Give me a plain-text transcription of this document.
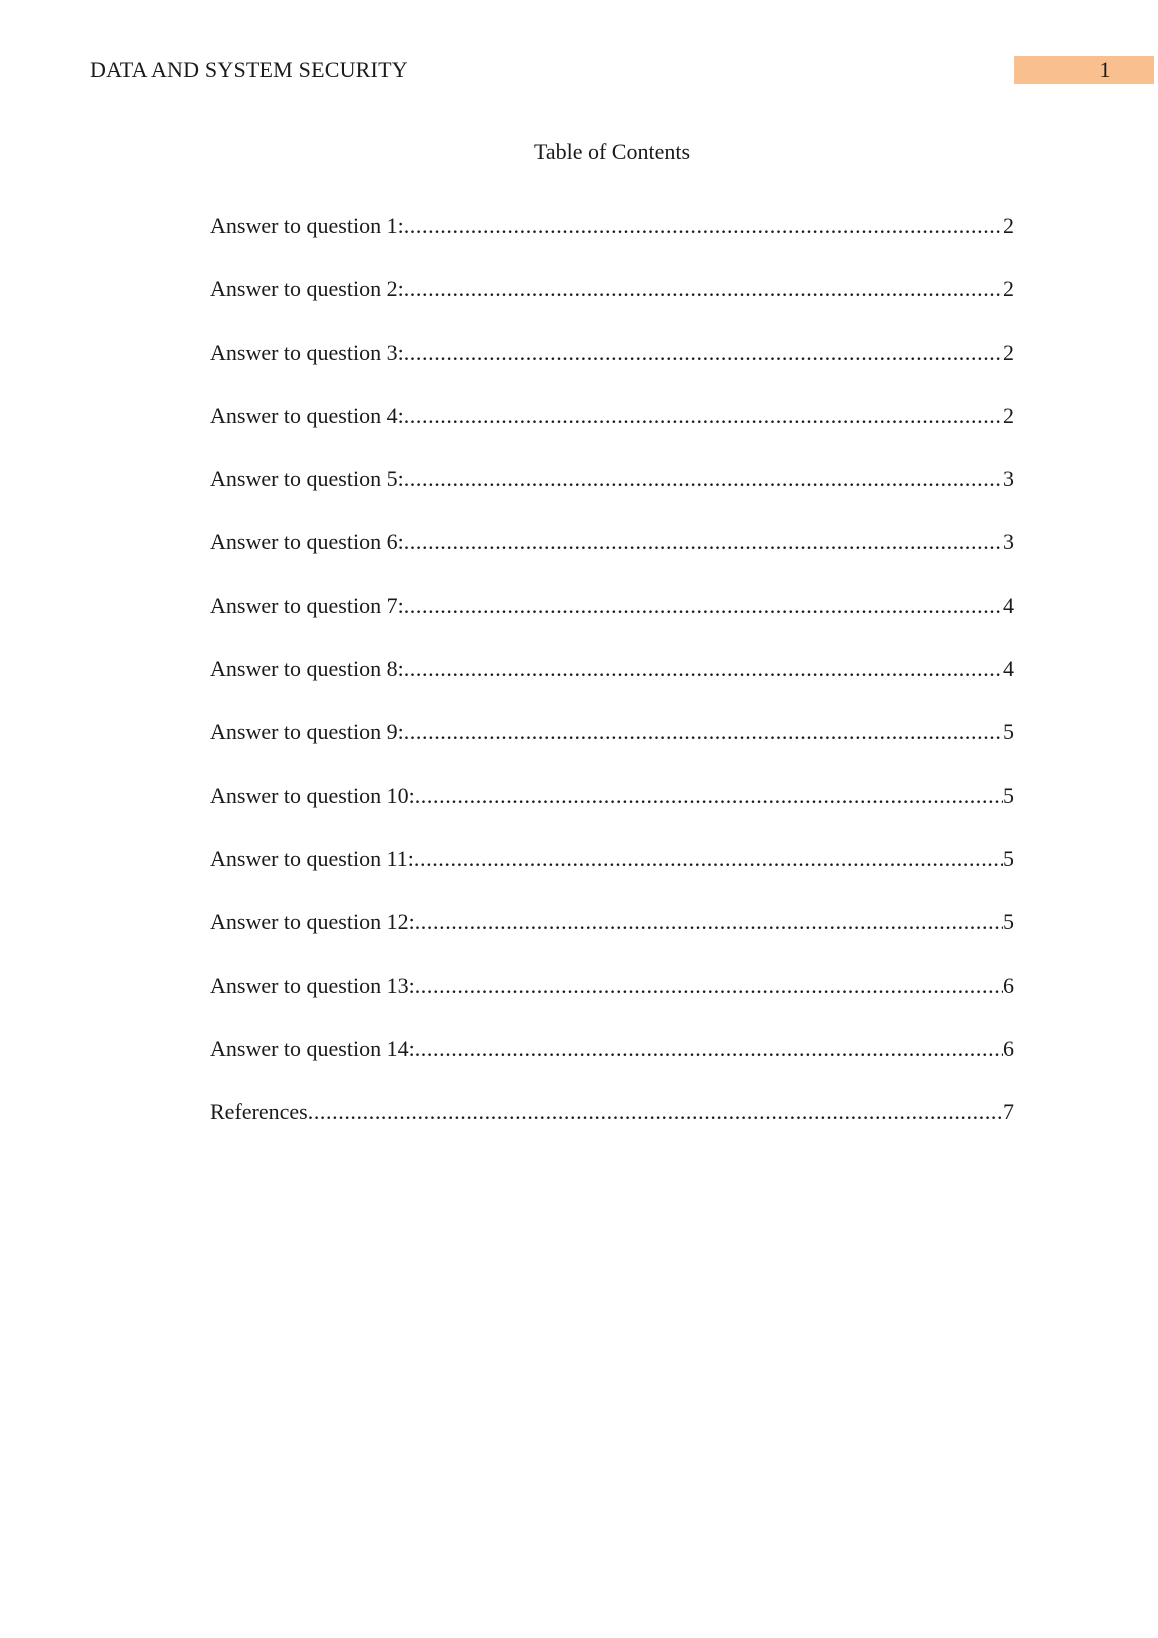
DATA AND SYSTEM SECURITY	1
Table of Contents
Answer to question 1: .....	2
Answer to question 2: .....	2
Answer to question 3: .....	2
Answer to question 4: .....	2
Answer to question 5: .....	3
Answer to question 6: .....	3
Answer to question 7: .....	4
Answer to question 8: .....	4
Answer to question 9: .....	5
Answer to question 10: .....	5
Answer to question 11: .....	5
Answer to question 12: .....	5
Answer to question 13: .....	6
Answer to question 14: .....	6
References .....	7
